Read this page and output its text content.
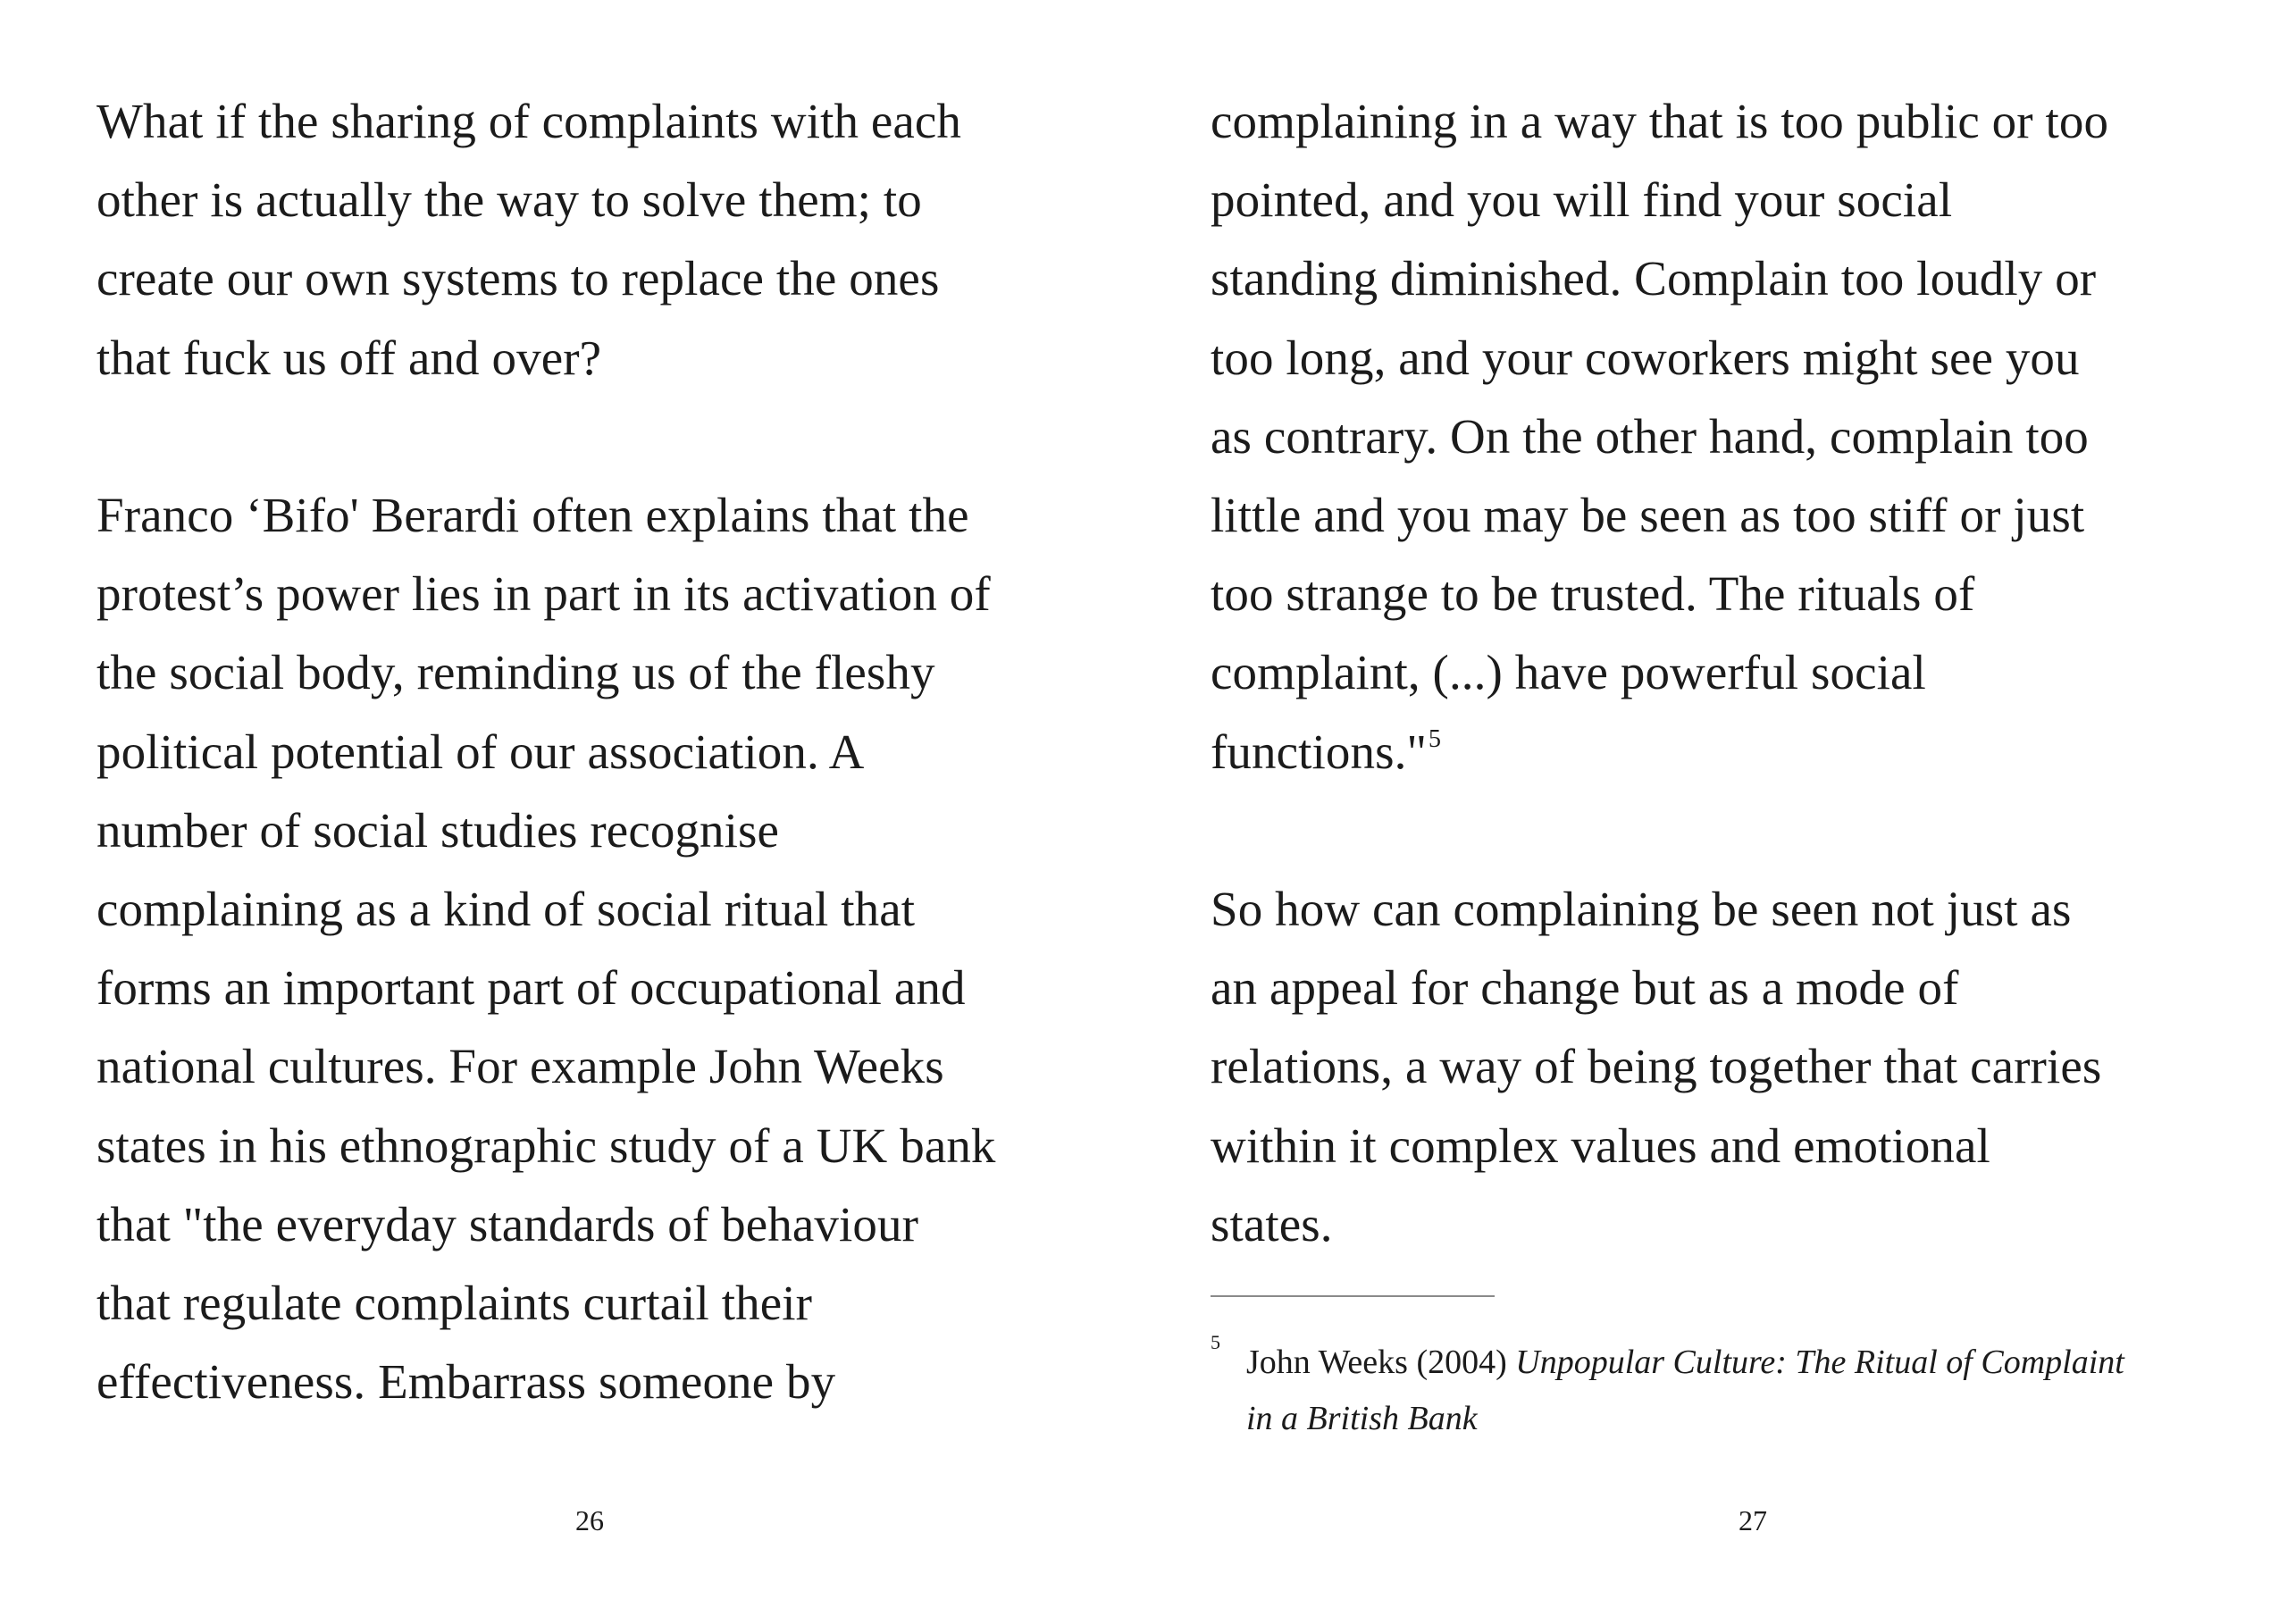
What if the sharing of complaints with each
other is actually the way to solve them; to
create our own systems to replace the ones
that fuck us off and over?
Franco ‘Bifo' Berardi often explains that the
protest’s power lies in part in its activation of
the social body, reminding us of the fleshy
political potential of our association. A
number of social studies recognise
complaining as a kind of social ritual that
forms an important part of occupational and
national cultures. For example John Weeks
states in his ethnographic study of a UK bank
that "the everyday standards of behaviour
that regulate complaints curtail their
effectiveness. Embarrass someone by
26
complaining in a way that is too public or too
pointed, and you will find your social
standing diminished. Complain too loudly or
too long, and your coworkers might see you
as contrary. On the other hand, complain too
little and you may be seen as too stiff or just
too strange to be trusted. The rituals of
complaint, (...) have powerful social
functions."$^5$
So how can complaining be seen not just as
an appeal for change but as a mode of
relations, a way of being together that carries
within it complex values and emotional
states.
5
John Weeks (2004) Unpopular Culture: The Ritual of Complaint
in a British Bank
27
